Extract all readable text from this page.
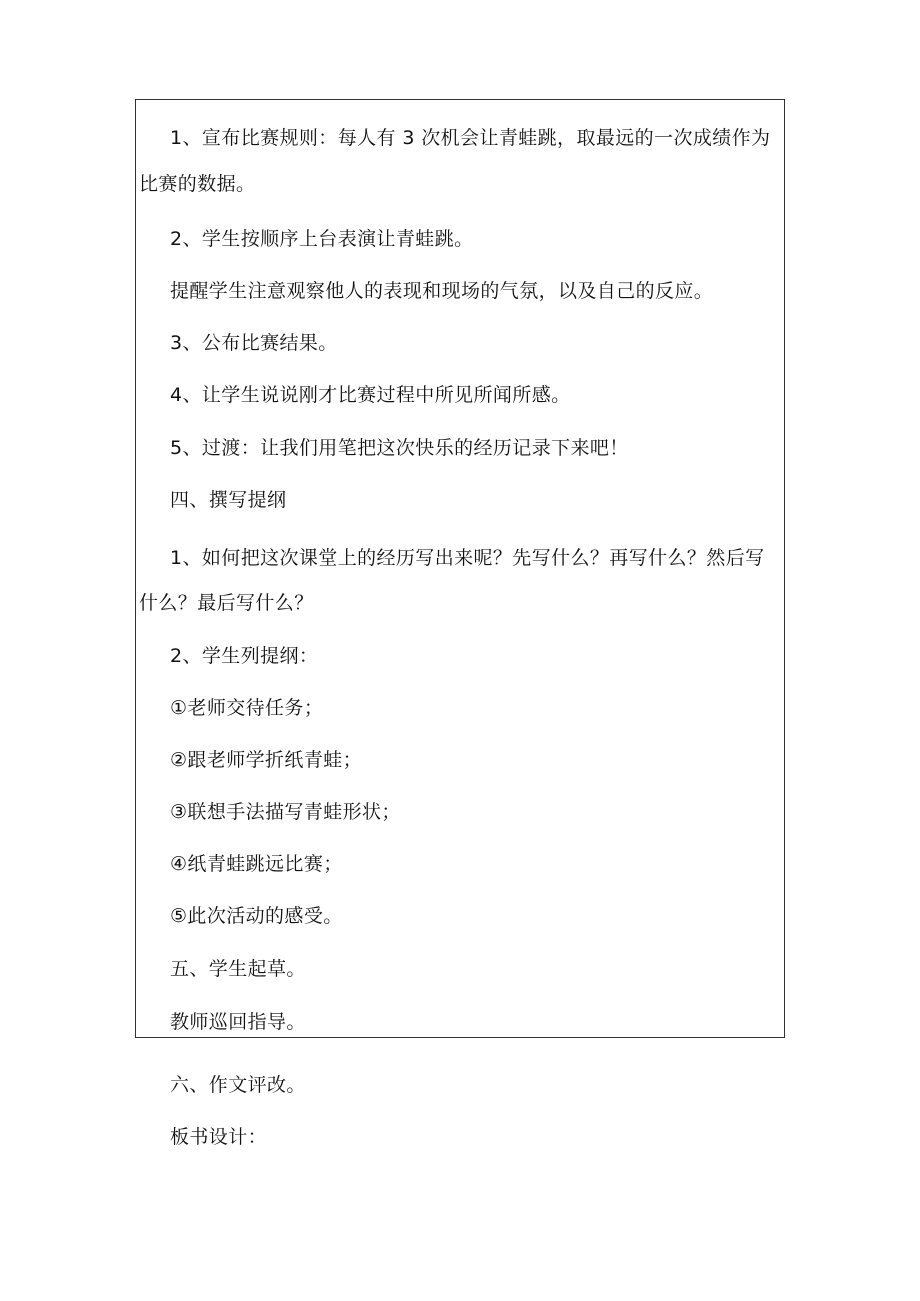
1、宣布比赛规则：每人有 3 次机会让青蛙跳，取最远的一次成绩作为
比赛的数据。
2、学生按顺序上台表演让青蛙跳。
提醒学生注意观察他人的表现和现场的气氛，以及自己的反应。
3、公布比赛结果。
4、让学生说说刚才比赛过程中所见所闻所感。
5、过渡：让我们用笔把这次快乐的经历记录下来吧！
四、撰写提纲
1、如何把这次课堂上的经历写出来呢？先写什么？再写什么？然后写
什么？最后写什么？
2、学生列提纲：
①老师交待任务；
②跟老师学折纸青蛙；
③联想手法描写青蛙形状；
④纸青蛙跳远比赛；
⑤此次活动的感受。
五、学生起草。
教师巡回指导。
六、作文评改。
板书设计：
